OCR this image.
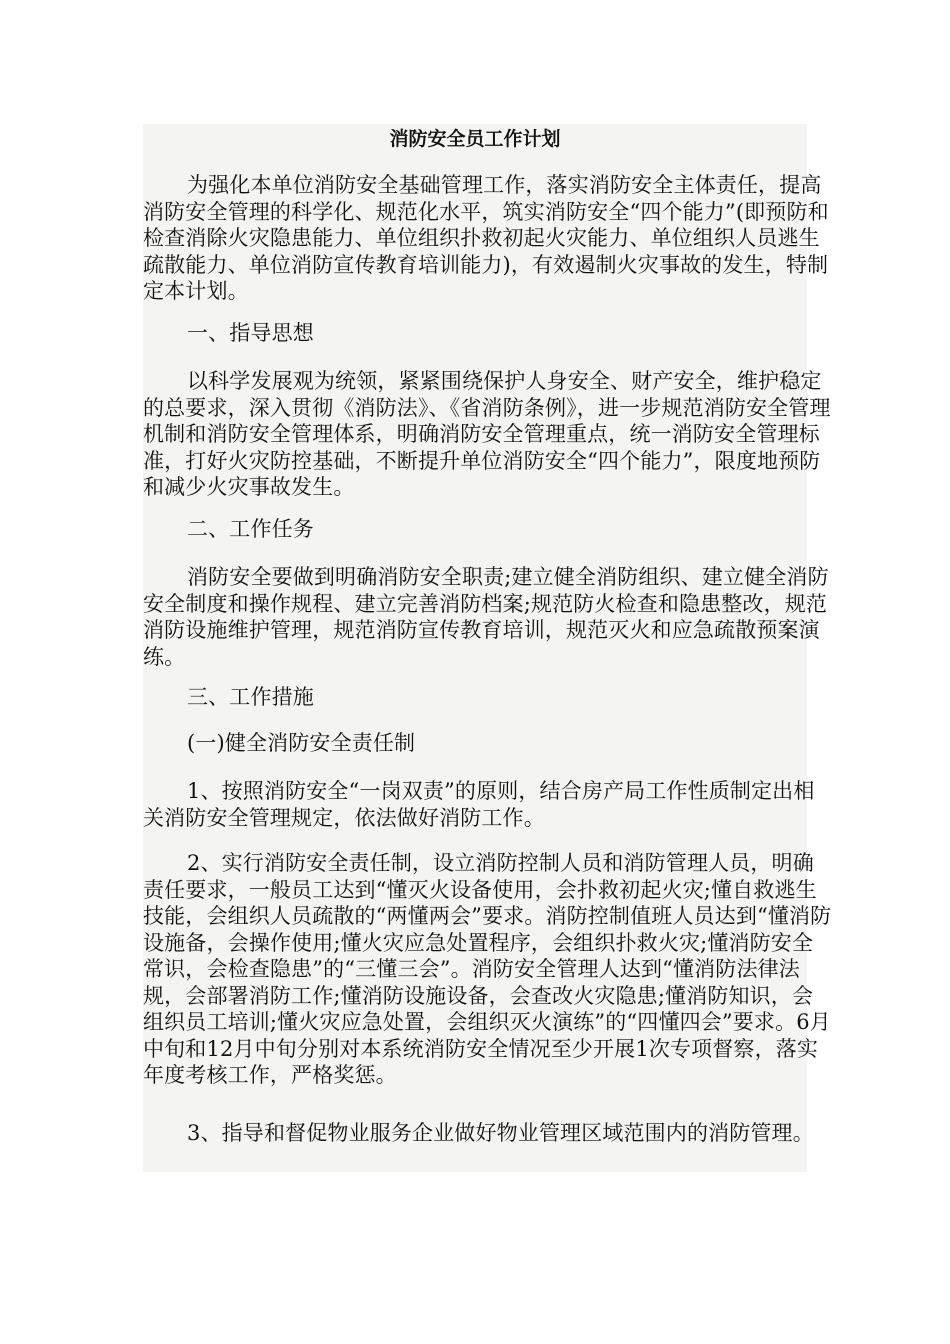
消防安全员工作计划

为强化本单位消防安全基础管理工作，落实消防安全主体责任，提高消防安全管理的科学化、规范化水平，筑实消防安全“四个能力”(即预防和检查消除火灾隐患能力、单位组织扑救初起火灾能力、单位组织人员逃生疏散能力、单位消防宣传教育培训能力)，有效遏制火灾事故的发生，特制定本计划。

一、指导思想

以科学发展观为统领，紧紧围绕保护人身安全、财产安全，维护稳定的总要求，深入贯彻《消防法》、《省消防条例》，进一步规范消防安全管理机制和消防安全管理体系，明确消防安全管理重点，统一消防安全管理标准，打好火灾防控基础，不断提升单位消防安全“四个能力”，限度地预防和减少火灾事故发生。

二、工作任务

消防安全要做到明确消防安全职责;建立健全消防组织、建立健全消防安全制度和操作规程、建立完善消防档案;规范防火检查和隐患整改，规范消防设施维护管理，规范消防宣传教育培训，规范灭火和应急疏散预案演练。

三、工作措施

(一)健全消防安全责任制

1、按照消防安全“一岗双责”的原则，结合房产局工作性质制定出相关消防安全管理规定，依法做好消防工作。

2、实行消防安全责任制，设立消防控制人员和消防管理人员，明确责任要求，一般员工达到“懂灭火设备使用，会扑救初起火灾;懂自救逃生技能，会组织人员疏散的“两懂两会”要求。消防控制值班人员达到“懂消防设施备，会操作使用;懂火灾应急处置程序，会组织扑救火灾;懂消防安全常识，会检查隐患”的“三懂三会”。消防安全管理人达到“懂消防法律法规，会部署消防工作;懂消防设施设备，会查改火灾隐患;懂消防知识，会组织员工培训;懂火灾应急处置，会组织灭火演练”的“四懂四会”要求。6月中旬和12月中旬分别对本系统消防安全情况至少开展1次专项督察，落实年度考核工作，严格奖惩。

3、指导和督促物业服务企业做好物业管理区域范围内的消防管理。
